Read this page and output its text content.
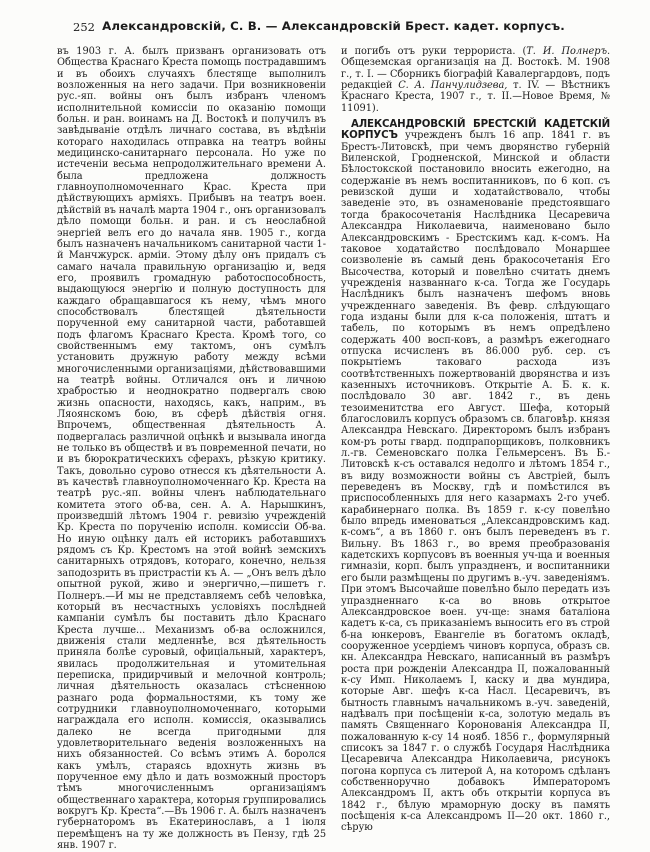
252 Александровскій, С. В. — Александровскій Брест. кадет. корпусъ.

въ 1903 г. А. былъ призванъ организовать отъ Общества Краснаго Креста помощь пострадавшимъ и въ обоихъ случаяхъ блестяще выполнилъ возложенныя на него задачи. При возникновеніи рус.-яп. войны онъ былъ избранъ членомъ исполнительной комиссіи по оказанію помощи больн. и ран. воинамъ на Д. Востокѣ и получилъ въ завѣдываніе отдѣлъ личнаго состава, въ вѣдѣніи котораго находилась отправка на театръ войны медицинско-санитарнаго персонала. Но уже по истеченіи весьма непродолжительнаго времени А. была предложена должность главноуполномоченнаго Крас. Креста при дѣйствующихъ арміяхъ. Прибывъ на театръ воен. дѣйствій въ началѣ марта 1904 г., онъ организовалъ дѣло помощи больн. и ран. и съ неослабной энергіей велъ его до начала янв. 1905 г., когда былъ назначенъ начальникомъ санитарной части 1-й Манчжурск. арміи. Этому дѣлу онъ придалъ съ самаго начала правильную организацію и, ведя его, проявилъ громадную работоспособность, выдающуюся энергію и полную доступность для каждаго обращавшагося къ нему, чѣмъ много способствовалъ блестящей дѣятельности порученной ему санитарной части, работавшей подъ флагомъ Краснаго Креста. Кромѣ того, со свойственнымъ ему тактомъ, онъ сумѣлъ установить дружную работу между всѣми многочисленными организаціями, дѣйствовавшими на театрѣ войны. Отличался онъ и личною храбростью и неоднократно подвергалъ свою жизнь опасности, находясь, какъ, наприм., въ Ляоянскомъ бою, въ сферѣ дѣйствія огня. Впрочемъ, общественная дѣятельность А. подвергалась различной оцѣнкѣ и вызывала иногда не только въ обществѣ и въ повременной печати, но и въ бюрократическихъ сферахъ, рѣзкую критику. Такъ, довольно сурово отнесся къ дѣятельности А. въ качествѣ главноуполномоченнаго Кр. Креста на театрѣ рус.-яп. войны членъ наблюдательнаго комитета этого об-ва, сен. А. А. Нарышкинъ, произведшій лѣтомъ 1904 г. ревизію учрежденій Кр. Креста по порученію исполн. комиссіи Об-ва. Но иную оцѣнку далъ ей историкъ работавшихъ рядомъ съ Кр. Крестомъ на этой войнѣ земскихъ санитарныхъ отрядовъ, котораго, конечно, нельзя заподозрить въ пристрастіи къ А. — „Онъ велъ дѣло опытной рукой, живо и энергично,—пишетъ г. Полнеръ.—И мы не представляемъ себѣ человѣка, который въ несчастныхъ условіяхъ послѣдней кампаніи сумѣлъ бы поставить дѣло Краснаго Креста лучше... Механизмъ об-ва осложнился, движенія стали медленнѣе, вся дѣятельность приняла болѣе суровый, офиціальный, характеръ, явилась продолжительная и утомительная переписка, придирчивый и мелочной контроль; личная дѣятельность оказалась стѣсненною разнаго рода формальностями, къ тому же сотрудники главноуполномоченнаго, которыми награждала его исполн. комиссія, оказывались далеко не всегда пригодными для удовлетворительнаго веденія возложенныхъ на нихъ обязанностей. Со всѣмъ этимъ А. боролся какъ умѣлъ, стараясь вдохнуть жизнь въ порученное ему дѣло и дать возможный просторъ тѣмъ многочисленнымъ организаціямъ общественнаго характера, которыя группировались вокругъ Кр. Креста“.—Въ 1906 г. А. былъ назначенъ губернаторомъ въ Екатеринославъ, а 1 іюля перемѣщенъ на ту же должность въ Пензу, гдѣ 25 янв. 1907 г.

и погибъ отъ руки террориста. (Т. И. Полнеръ. Общеземская организація на Д. Востокѣ. М. 1908 г., т. I. — Сборникъ біографій Кавалергардовъ, подъ редакціей С. А. Панчулидзева, т. IV. — Вѣстникъ Краснаго Креста, 1907 г., т. II.—Новое Время, № 11091).

АЛЕКСАНДРОВСКІЙ БРЕСТСКІЙ КАДЕТСКІЙ КОРПУСЪ учрежденъ былъ 16 апр. 1841 г. въ Брестъ-Литовскѣ, при чемъ дворянство губерній Виленской, Гродненской, Минской и области Бѣлостокской постановило вносить ежегодно, на содержаніе въ немъ воспитанниковъ, по 6 коп. съ ревизской души и ходатайствовало, чтобы заведеніе это, въ ознаменованіе предстоявшаго тогда бракосочетанія Наслѣдника Цесаревича Александра Николаевича, наименовано было Александровскимъ - Брестскимъ кад. к-сомъ. На таковое ходатайство послѣдовало Монаршее соизволеніе въ самый день бракосочетанія Его Высочества, который и повелѣно считать днемъ учрежденія названнаго к-са. Тогда же Государь Наслѣдникъ былъ назначенъ шефомъ вновь учрежденнаго заведенія. Въ февр. слѣдующаго года изданы были для к-са положенія, штатъ и табель, по которымъ въ немъ опредѣлено содержать 400 восп-ковъ, а размѣръ ежегоднаго отпуска исчисленъ въ 86.000 руб. сер. съ покрытіемъ таковаго расхода изъ соотвѣтственныхъ пожертвованій дворянства и изъ казенныхъ источниковъ. Открытіе А. Б. к. к. послѣдовало 30 авг. 1842 г., въ день тезоименитства его Август. Шефа, который благословилъ корпусъ образомъ св. благовѣр. князя Александра Невскаго. Директоромъ былъ избранъ ком-ръ роты гвард. подпрапорщиковъ, полковникъ л.-гв. Семеновскаго полка Гельмерсенъ. Въ Б.-Литовскѣ к-съ оставался недолго и лѣтомъ 1854 г., въ виду возможности войны съ Австріей, былъ переведенъ въ Москву, гдѣ и помѣстился въ приспособленныхъ для него казармахъ 2-го учеб. карабинернаго полка. Въ 1859 г. к-су повелѣно было впредь именоваться „Александровскимъ кад. к-сомъ“, а въ 1860 г. онъ былъ переведенъ въ г. Вильну. Въ 1863 г., во время преобразованія кадетскихъ корпусовъ въ военныя уч-ща и военныя гимназіи, корп. былъ упраздненъ, и воспитанники его были размѣщены по другимъ в.-уч. заведеніямъ. При этомъ Высочайше повелѣно было передать изъ упраздненнаго к-са во вновь открытое Александровское воен. уч-ще: знамя баталіона кадетъ к-са, съ приказаніемъ выносить его въ строй б-на юнкеровъ, Евангеліе въ богатомъ окладѣ, сооруженное усердіемъ чиновъ корпуса, образъ св. кн. Александра Невскаго, написанный въ размѣръ роста при рожденіи Александра II, пожалованный к-су Имп. Николаемъ I, каску и два мундира, которые Авг. шефъ к-са Насл. Цесаревичъ, въ бытность главнымъ начальникомъ в.-уч. заведеній, надѣвалъ при посѣщеніи к-са, золотую медаль въ память Священнаго Коронованія Александра II, пожалованную к-су 14 нояб. 1856 г., формулярный списокъ за 1847 г. о службѣ Государя Наслѣдника Цесаревича Александра Николаевича, рисунокъ погона корпуса съ литерой А, на которомъ сдѣланъ собственноручно добавокъ Императоромъ Александромъ II, актъ объ открытіи корпуса въ 1842 г., бѣлую мраморную доску въ память посѣщенія к-са Александромъ II—20 окт. 1860 г., сѣрую
